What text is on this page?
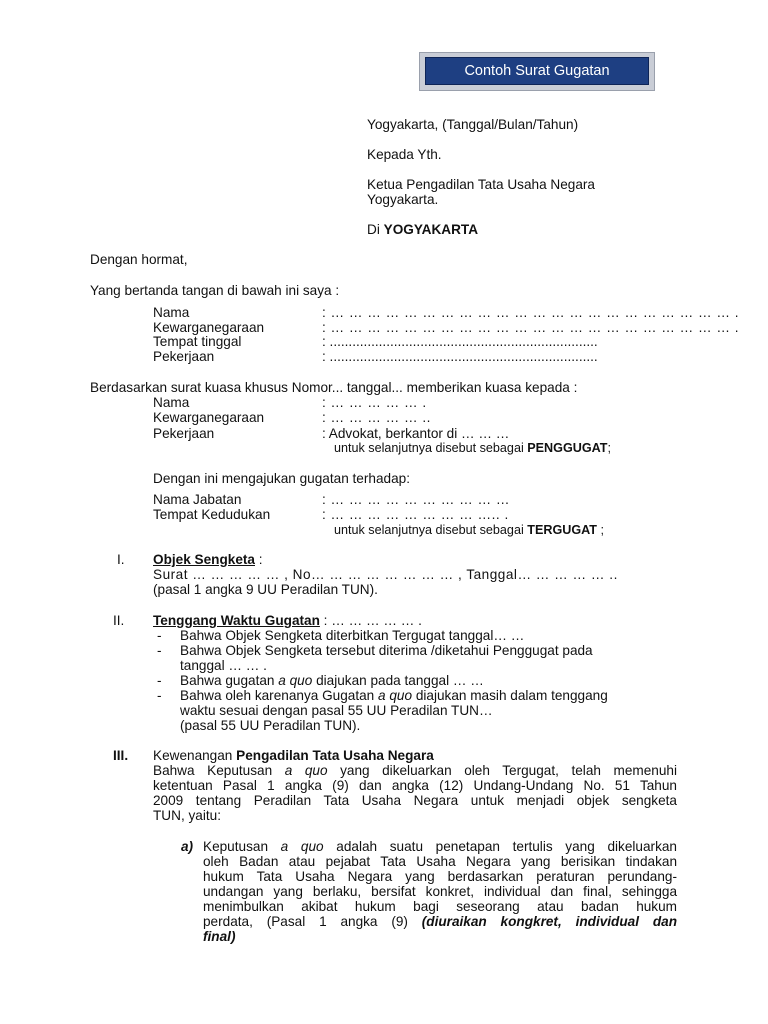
Contoh Surat Gugatan
Yogyakarta, (Tanggal/Bulan/Tahun)
Kepada Yth.
Ketua Pengadilan Tata Usaha Negara
Yogyakarta.
Di YOGYAKARTA
Dengan hormat,
Yang bertanda tangan di bawah ini saya :
Nama
Kewarganegaraan
Tempat tinggal
Pekerjaan
: … … … … … … … … … … … … … … … … … … … … … … .
: … … … … … … … … … … … … … … … … … … … … … … .
: .......................................................................
: .......................................................................
Berdasarkan surat kuasa khusus Nomor... tanggal... memberikan kuasa kepada :
Nama
Kewarganegaraan
Pekerjaan
: … … … … … .
: … … … … … ..
: Advokat, berkantor di … … …
untuk selanjutnya disebut sebagai PENGGUGAT;
Dengan ini mengajukan gugatan terhadap:
Nama Jabatan
Tempat Kedudukan
: … … … … … … … … … …
: … … … … … … … … ….. .
untuk selanjutnya disebut sebagai TERGUGAT ;
I. Objek Sengketa :
Surat … … … … … , No… … … … … … … … , Tanggal… … … … … ..
(pasal 1 angka 9 UU Peradilan TUN).
II. Tenggang Waktu Gugatan : … … … … … .
- Bahwa Objek Sengketa diterbitkan Tergugat tanggal… …
- Bahwa Objek Sengketa tersebut diterima /diketahui Penggugat pada
tanggal … … .
- Bahwa gugatan a quo diajukan pada tanggal … …
- Bahwa oleh karenanya Gugatan a quo diajukan masih dalam tenggang
waktu sesuai dengan pasal 55 UU Peradilan TUN…
(pasal 55 UU Peradilan TUN).
III. Kewenangan Pengadilan Tata Usaha Negara
Bahwa Keputusan a quo yang dikeluarkan oleh Tergugat, telah memenuhi
ketentuan Pasal 1 angka (9) dan angka (12) Undang-Undang No. 51 Tahun
2009 tentang Peradilan Tata Usaha Negara untuk menjadi objek sengketa
TUN, yaitu:
a) Keputusan a quo adalah suatu penetapan tertulis yang dikeluarkan
oleh Badan atau pejabat Tata Usaha Negara yang berisikan tindakan
hukum Tata Usaha Negara yang berdasarkan peraturan perundang-
undangan yang berlaku, bersifat konkret, individual dan final, sehingga
menimbulkan akibat hukum bagi seseorang atau badan hukum
perdata, (Pasal 1 angka (9) (diuraikan kongkret, individual dan
final)
